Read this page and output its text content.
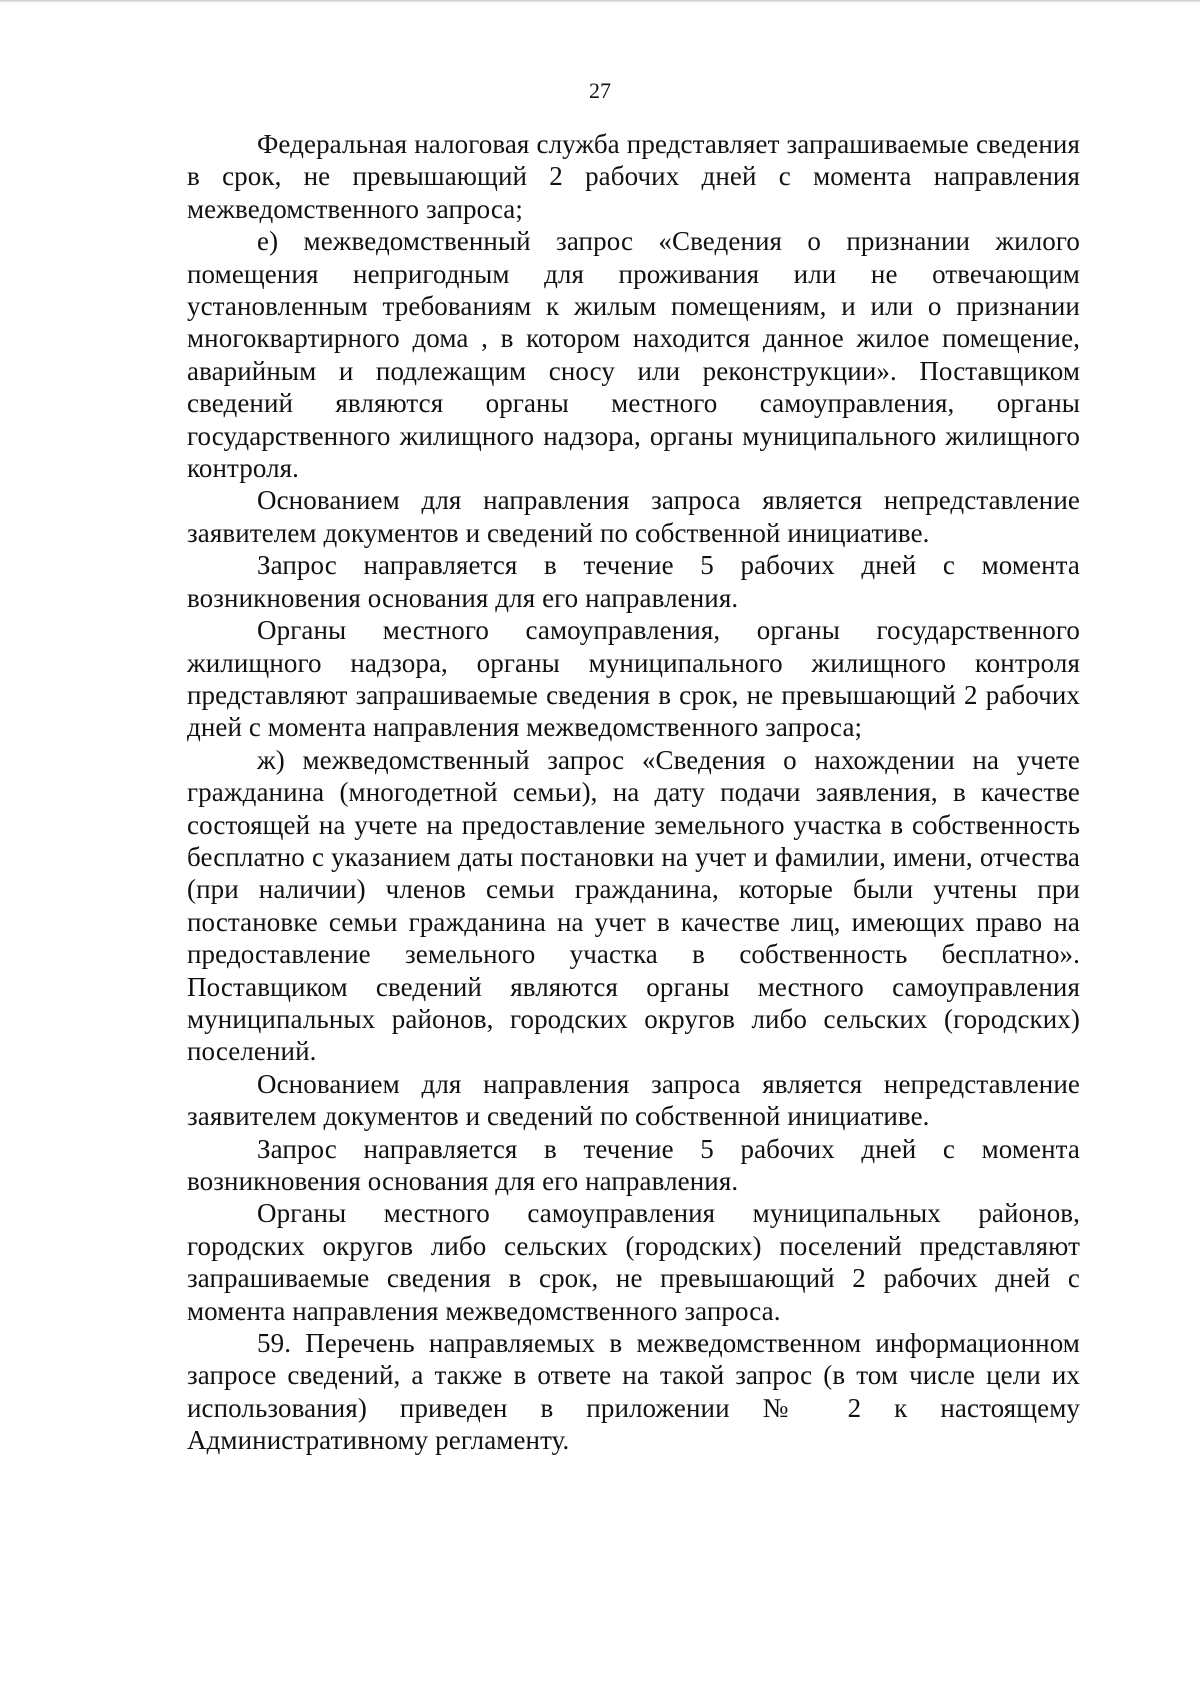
27

Федеральная налоговая служба представляет запрашиваемые сведения в срок, не превышающий 2 рабочих дней с момента направления межведомственного запроса;

е) межведомственный запрос «Сведения о признании жилого помещения непригодным для проживания или не отвечающим установленным требованиям к жилым помещениям, и или о признании многоквартирного дома , в котором находится данное жилое помещение, аварийным и подлежащим сносу или реконструкции». Поставщиком сведений являются органы местного самоуправления, органы государственного жилищного надзора, органы муниципального жилищного контроля.

Основанием для направления запроса является непредставление заявителем документов и сведений по собственной инициативе.

Запрос направляется в течение 5 рабочих дней с момента возникновения основания для его направления.

Органы местного самоуправления, органы государственного жилищного надзора, органы муниципального жилищного контроля представляют запрашиваемые сведения в срок, не превышающий 2 рабочих дней с момента направления межведомственного запроса;

ж) межведомственный запрос «Сведения о нахождении на учете гражданина (многодетной семьи), на дату подачи заявления, в качестве состоящей на учете на предоставление земельного участка в собственность бесплатно с указанием даты постановки на учет и фамилии, имени, отчества (при наличии) членов семьи гражданина, которые были учтены при постановке семьи гражданина на учет в качестве лиц, имеющих право на предоставление земельного участка в собственность бесплатно». Поставщиком сведений являются органы местного самоуправления муниципальных районов, городских округов либо сельских (городских) поселений.

Основанием для направления запроса является непредставление заявителем документов и сведений по собственной инициативе.

Запрос направляется в течение 5 рабочих дней с момента возникновения основания для его направления.

Органы местного самоуправления муниципальных районов, городских округов либо сельских (городских) поселений представляют запрашиваемые сведения в срок, не превышающий 2 рабочих дней с момента направления межведомственного запроса.

59. Перечень направляемых в межведомственном информационном запросе сведений, а также в ответе на такой запрос (в том числе цели их использования) приведен в приложении № 2 к настоящему Административному регламенту.
